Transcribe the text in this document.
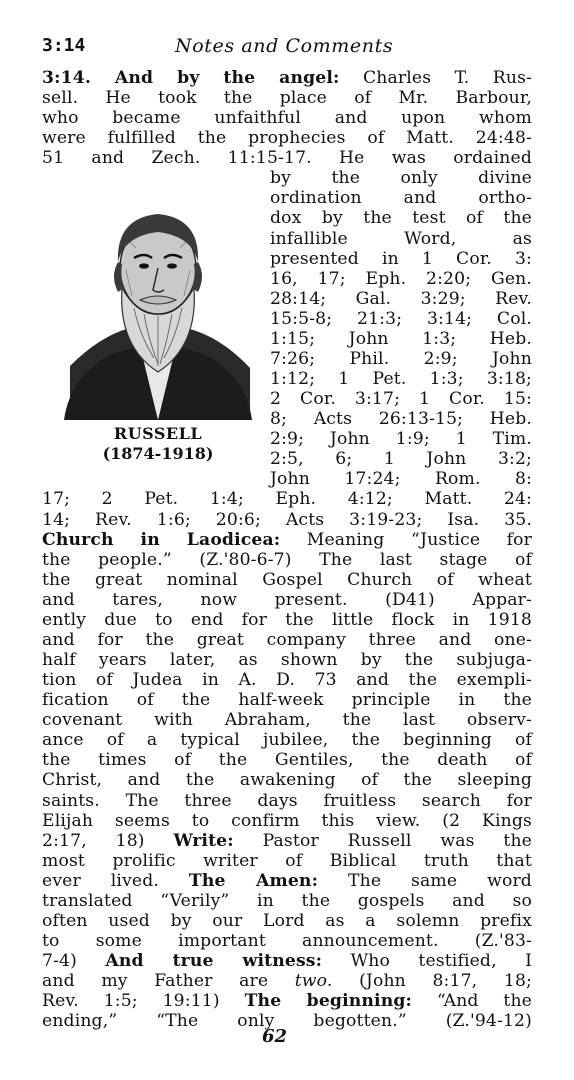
3:14	Notes and Comments
RUSSELL
(1874-1918)
3:14. And by the angel: Charles T. Rus-
sell. He took the place of Mr. Barbour,
who became unfaithful and upon whom
were fulfilled the prophecies of Matt. 24:48-
51 and Zech. 11:15-17. He was ordained
by the only divine
ordination and ortho-
dox by the test of the
infallible Word, as
presented in 1 Cor. 3:
16, 17; Eph. 2:20; Gen.
28:14; Gal. 3:29; Rev.
15:5-8; 21:3; 3:14; Col.
1:15; John 1:3; Heb.
7:26; Phil. 2:9; John
1:12; 1 Pet. 1:3; 3:18;
2 Cor. 3:17; 1 Cor. 15:
8; Acts 26:13-15; Heb.
2:9; John 1:9; 1 Tim.
2:5, 6; 1 John 3:2;
John 17:24; Rom. 8:
17; 2 Pet. 1:4; Eph. 4:12; Matt. 24:
14; Rev. 1:6; 20:6; Acts 3:19-23; Isa. 35.
Church in Laodicea: Meaning “Justice for
the people.” (Z.'80-6-7) The last stage of
the great nominal Gospel Church of wheat
and tares, now present. (D41) Appar-
ently due to end for the little flock in 1918
and for the great company three and one-
half years later, as shown by the subjuga-
tion of Judea in A. D. 73 and the exempli-
fication of the half-week principle in the
covenant with Abraham, the last observ-
ance of a typical jubilee, the beginning of
the times of the Gentiles, the death of
Christ, and the awakening of the sleeping
saints. The three days fruitless search for
Elijah seems to confirm this view. (2 Kings
2:17, 18) Write: Pastor Russell was the
most prolific writer of Biblical truth that
ever lived. The Amen: The same word
translated “Verily” in the gospels and so
often used by our Lord as a solemn prefix
to some important announcement. (Z.'83-
7-4) And true witness: Who testified, I
and my Father are two. (John 8:17, 18;
Rev. 1:5; 19:11) The beginning: “And the
ending,” “The only begotten.” (Z.'94-12)
62
